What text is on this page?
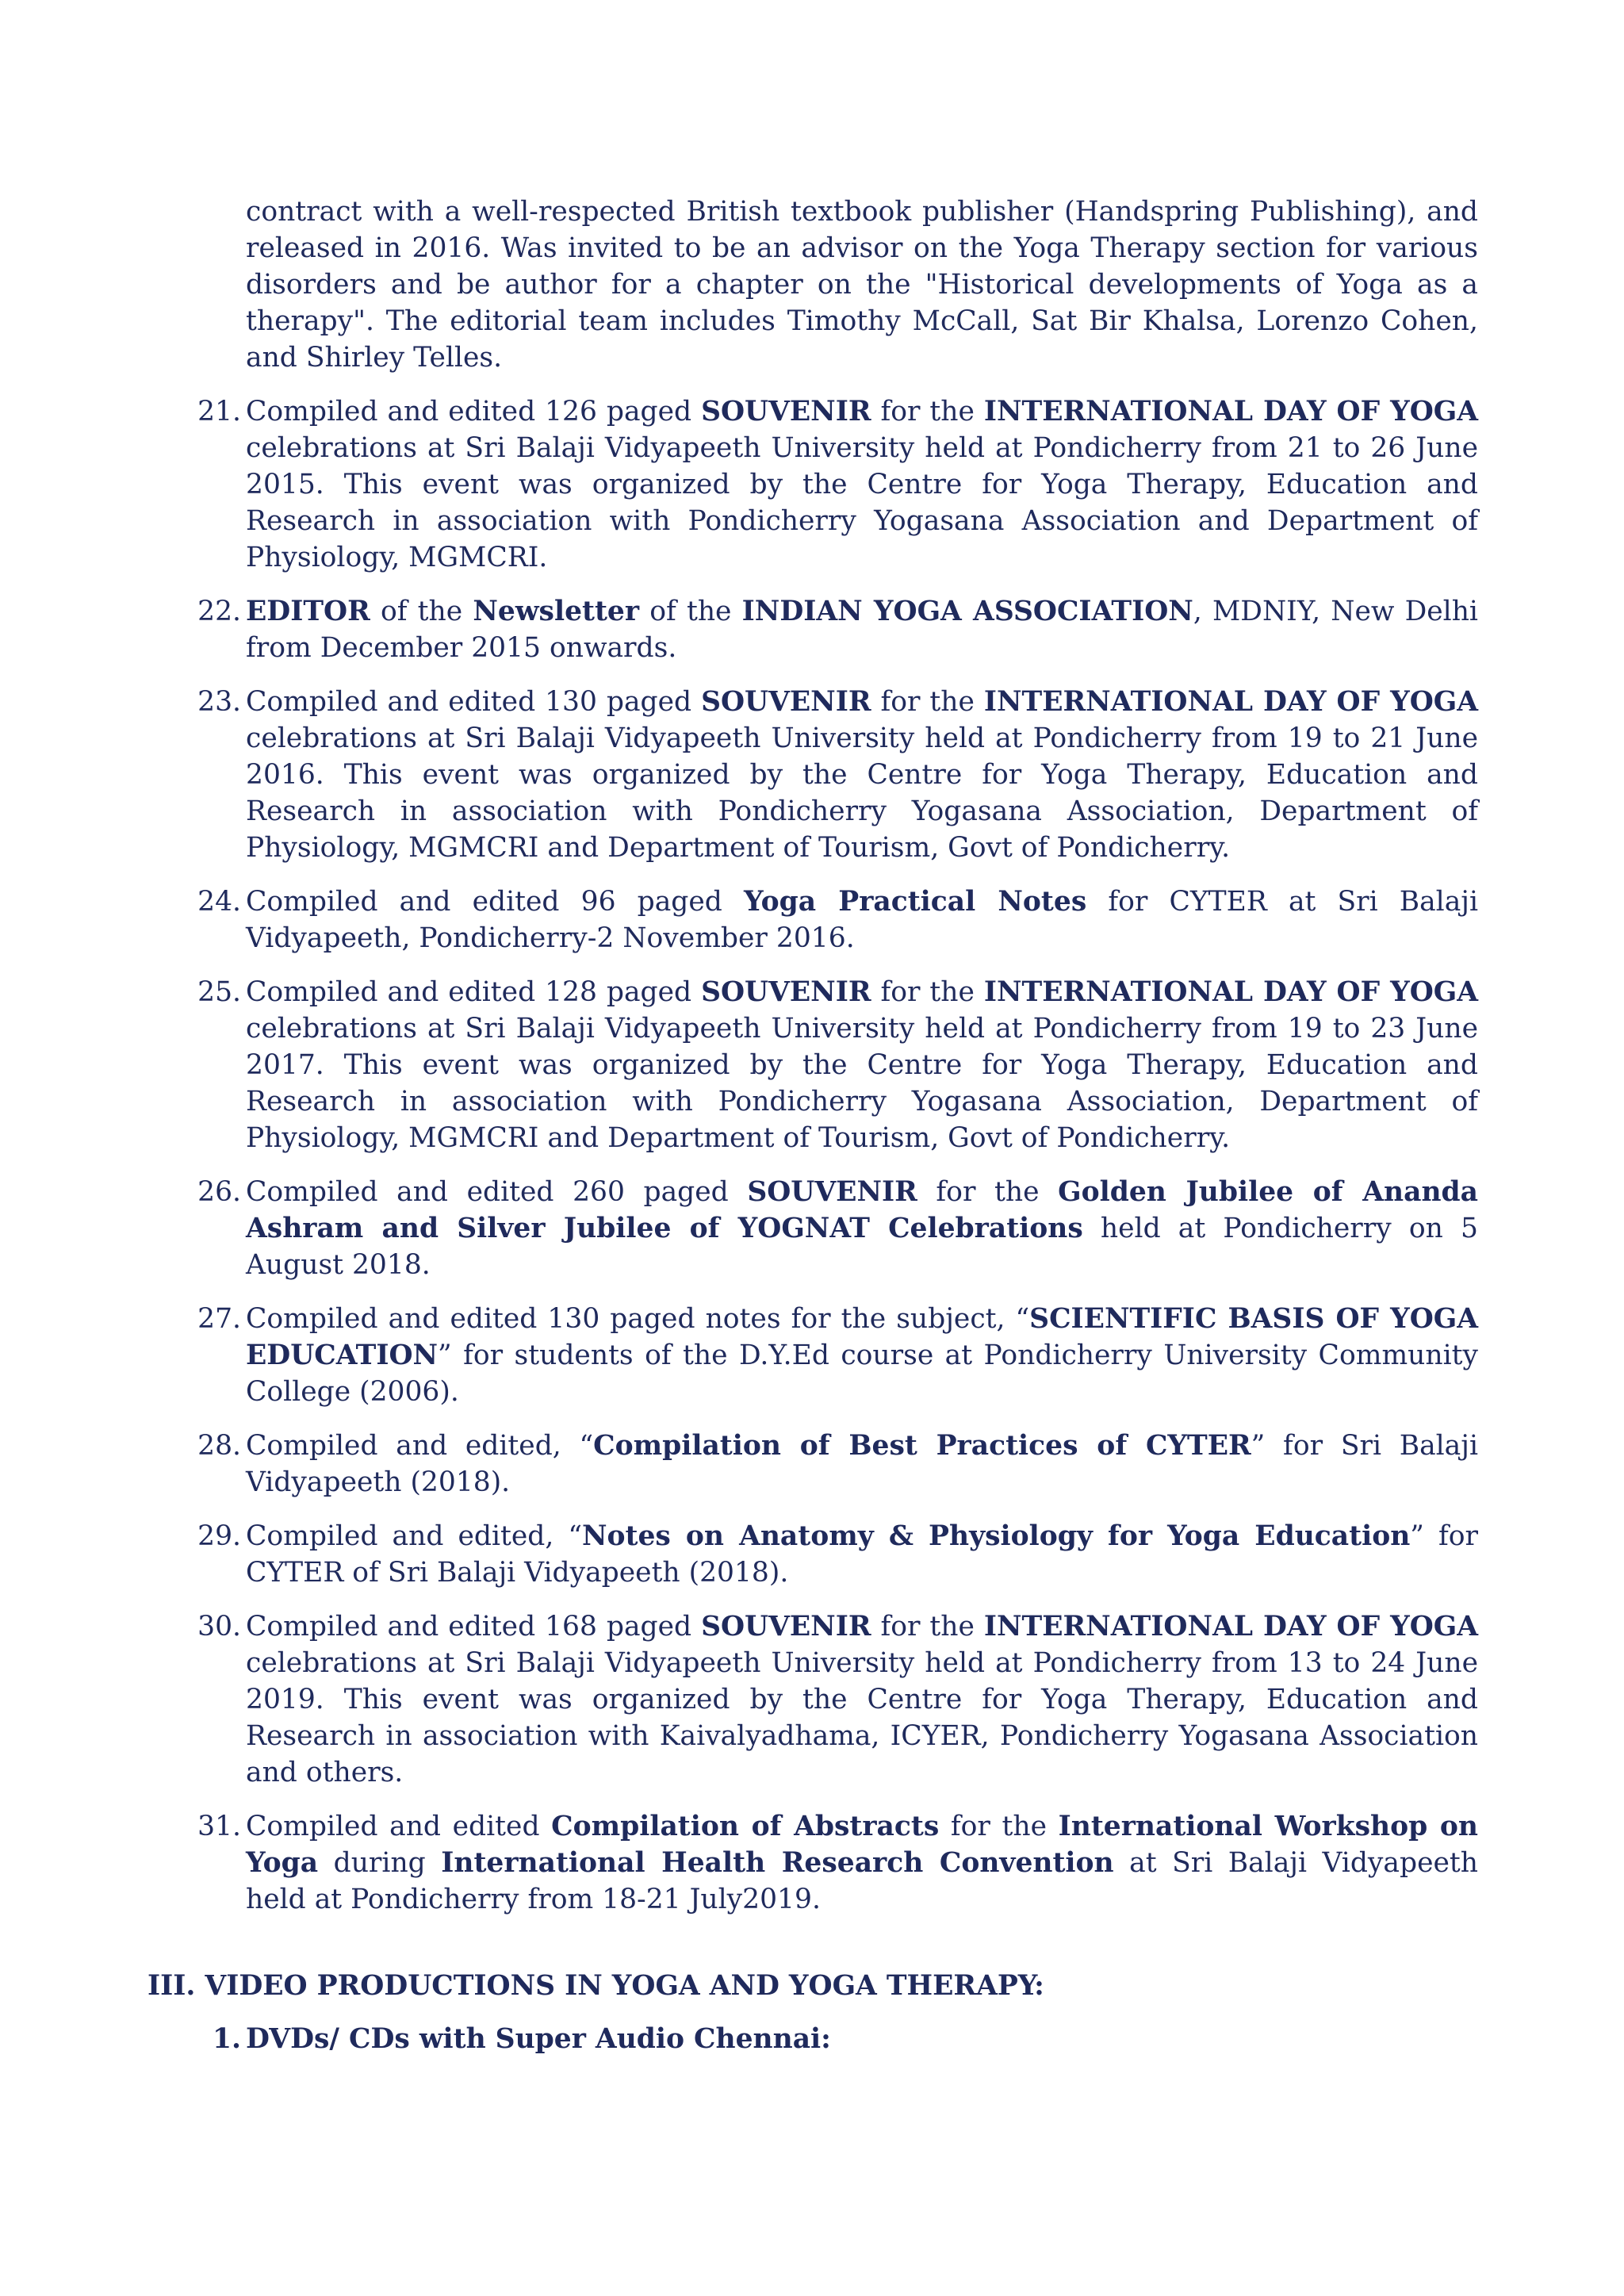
contract with a well-respected British textbook publisher (Handspring Publishing), and released in 2016. Was invited to be an advisor on the Yoga Therapy section for various disorders and be author for a chapter on the "Historical developments of Yoga as a therapy". The editorial team includes Timothy McCall, Sat Bir Khalsa, Lorenzo Cohen, and Shirley Telles.

21. Compiled and edited 126 paged SOUVENIR for the INTERNATIONAL DAY OF YOGA celebrations at Sri Balaji Vidyapeeth University held at Pondicherry from 21 to 26 June 2015. This event was organized by the Centre for Yoga Therapy, Education and Research in association with Pondicherry Yogasana Association and Department of Physiology, MGMCRI.
22. EDITOR of the Newsletter of the INDIAN YOGA ASSOCIATION, MDNIY, New Delhi from December 2015 onwards.
23. Compiled and edited 130 paged SOUVENIR for the INTERNATIONAL DAY OF YOGA celebrations at Sri Balaji Vidyapeeth University held at Pondicherry from 19 to 21 June 2016. This event was organized by the Centre for Yoga Therapy, Education and Research in association with Pondicherry Yogasana Association, Department of Physiology, MGMCRI and Department of Tourism, Govt of Pondicherry.
24. Compiled and edited 96 paged Yoga Practical Notes for CYTER at Sri Balaji Vidyapeeth, Pondicherry-2 November 2016.
25. Compiled and edited 128 paged SOUVENIR for the INTERNATIONAL DAY OF YOGA celebrations at Sri Balaji Vidyapeeth University held at Pondicherry from 19 to 23 June 2017. This event was organized by the Centre for Yoga Therapy, Education and Research in association with Pondicherry Yogasana Association, Department of Physiology, MGMCRI and Department of Tourism, Govt of Pondicherry.
26. Compiled and edited 260 paged SOUVENIR for the Golden Jubilee of Ananda Ashram and Silver Jubilee of YOGNAT Celebrations held at Pondicherry on 5 August 2018.
27. Compiled and edited 130 paged notes for the subject, “SCIENTIFIC BASIS OF YOGA EDUCATION” for students of the D.Y.Ed course at Pondicherry University Community College (2006).
28. Compiled and edited, “Compilation of Best Practices of CYTER” for Sri Balaji Vidyapeeth (2018).
29. Compiled and edited, “Notes on Anatomy & Physiology for Yoga Education” for CYTER of Sri Balaji Vidyapeeth (2018).
30. Compiled and edited 168 paged SOUVENIR for the INTERNATIONAL DAY OF YOGA celebrations at Sri Balaji Vidyapeeth University held at Pondicherry from 13 to 24 June 2019. This event was organized by the Centre for Yoga Therapy, Education and Research in association with Kaivalyadhama, ICYER, Pondicherry Yogasana Association and others.
31. Compiled and edited Compilation of Abstracts for the International Workshop on Yoga during International Health Research Convention at Sri Balaji Vidyapeeth held at Pondicherry from 18-21 July2019.

III. VIDEO PRODUCTIONS IN YOGA AND YOGA THERAPY:

1. DVDs/ CDs with Super Audio Chennai:
